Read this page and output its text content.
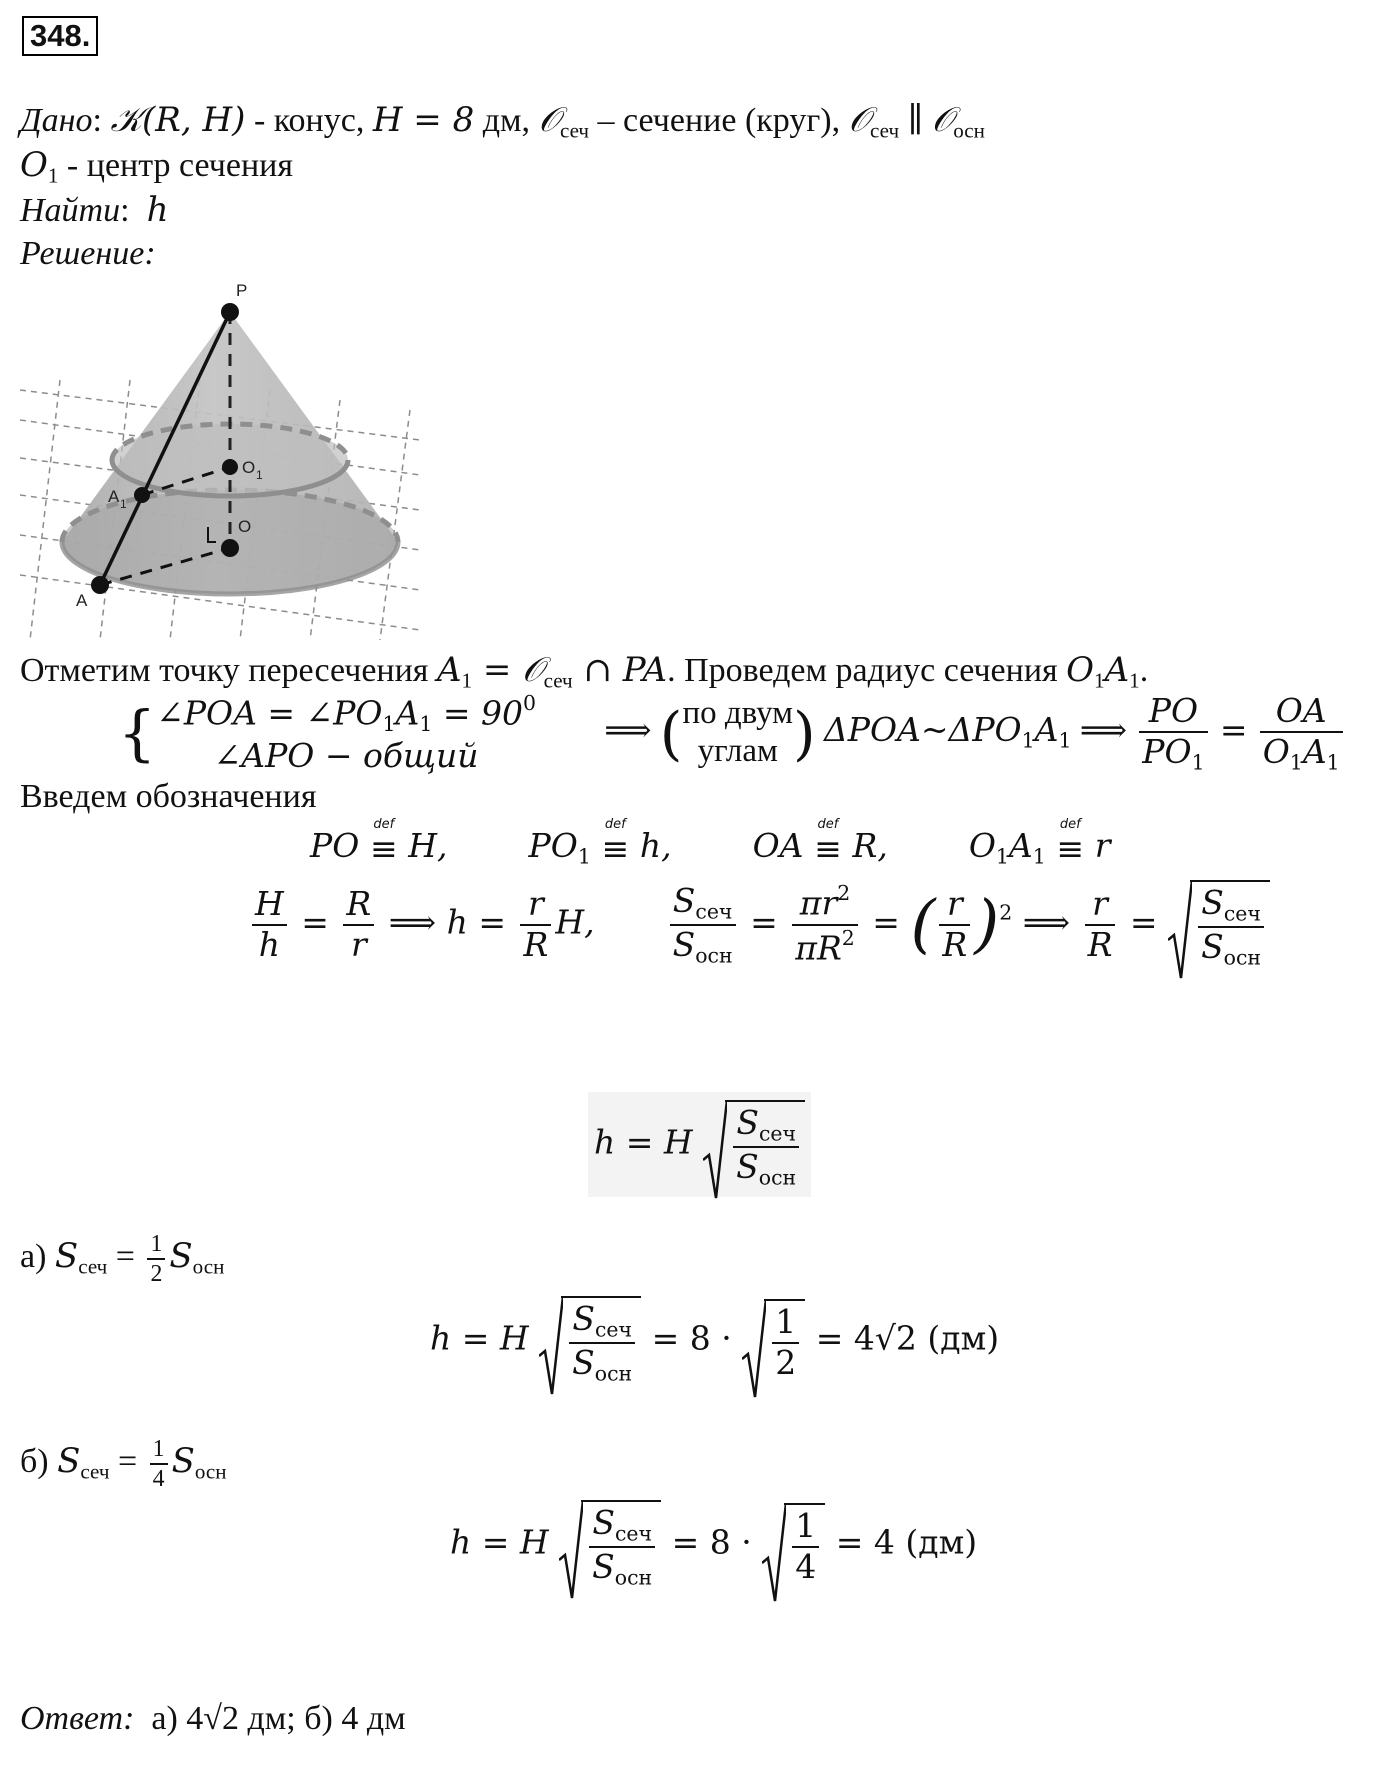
348.
Дано: 𝒦(R, H) - конус, H = 8 дм, 𝒪$_{сеч}$ – сечение (круг), 𝒪$_{сеч}$ ∥ 𝒪$_{осн}$
$O_1$ - центр сечения
Найти:  h
Решение:
P
O 1
A 1
O
A
Отметим точку пересечения $A_1$ = 𝒪$_{сеч}$ ∩ PA. Проведем радиус сечения $O_1A_1$.
{ ∠POA = $\angle PO_1A_1 = 90^0$
∠APO − общий
⟹ ( по двум
углам ) $\Delta POA\sim\Delta PO_1A_1$ ⟹ $\frac{PO}{PO_1} = \frac{OA}{O_1A_1}$
Введем обозначения
PO
def
≡ H, $PO_1$
def
≡ h, OA
def
≡ R, $O_1A_1$
def
≡ r
$\frac{H}{h} = \frac{R}{r}$ ⟹ $h = \frac{r}{R} H$, $\frac{S_{сеч}}{S_{осн}} = \frac{\pi r^2}{\pi R^2}$ = ( $\frac{r}{R} )^2$ ⟹ $\frac{r}{R} = \frac{S_{сеч}}{S_{осн}}$
h = H $\frac{S_{сеч}}{S_{осн}}$
а) $S_{сеч} = \frac{1}{2} S_{осн}$
h = H $\frac{S_{сеч}}{S_{осн}} = 8 \cdot \frac{1}{2} = 4√2$ (дм)
б) $S_{сеч} = \frac{1}{4} S_{осн}$
h = H $\frac{S_{сеч}}{S_{осн}} = 8 \cdot \frac{1}{4} = 4$ (дм)
Ответ:  а) 4√2 дм; б) 4 дм
